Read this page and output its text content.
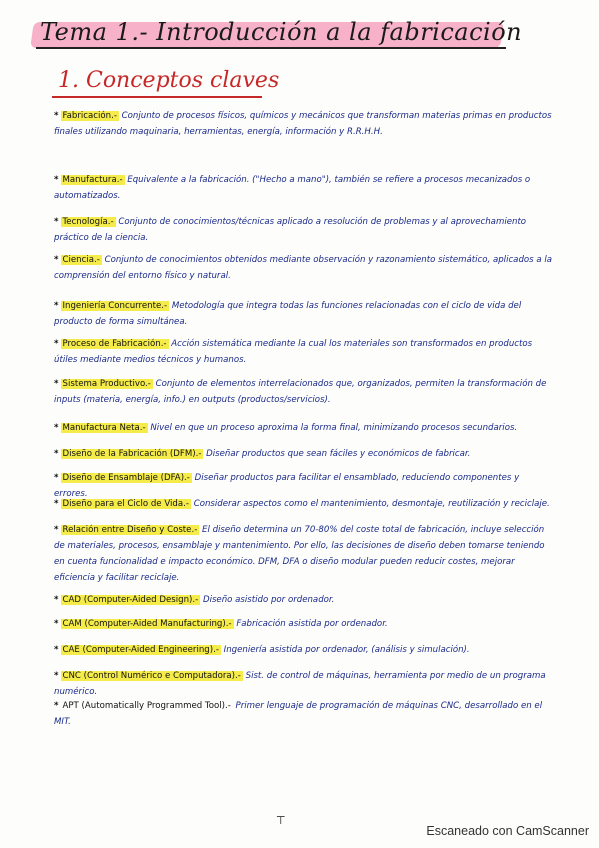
Tema 1.- Introducción a la fabricación
1. Conceptos claves
* Fabricación.- Conjunto de procesos físicos, químicos y mecánicos que transforman materias primas en productos finales utilizando maquinaria, herramientas, energía, información y R.R.H.H.
* Manufactura.- Equivalente a la fabricación. ("Hecho a mano"), también se refiere a procesos mecanizados o automatizados.
* Tecnología.- Conjunto de conocimientos/técnicas aplicado a resolución de problemas y al aprovechamiento práctico de la ciencia.
* Ciencia.- Conjunto de conocimientos obtenidos mediante observación y razonamiento sistemático, aplicados a la comprensión del entorno físico y natural.
* Ingeniería Concurrente.- Metodología que integra todas las funciones relacionadas con el ciclo de vida del producto de forma simultánea.
* Proceso de Fabricación.- Acción sistemática mediante la cual los materiales son transformados en productos útiles mediante medios técnicos y humanos.
* Sistema Productivo.- Conjunto de elementos interrelacionados que, organizados, permiten la transformación de inputs (materia, energía, info.) en outputs (productos/servicios).
* Manufactura Neta.- Nivel en que un proceso aproxima la forma final, minimizando procesos secundarios.
* Diseño de la Fabricación (DFM).- Diseñar productos que sean fáciles y económicos de fabricar.
* Diseño de Ensamblaje (DFA).- Diseñar productos para facilitar el ensamblado, reduciendo componentes y errores.
* Diseño para el Ciclo de Vida.- Considerar aspectos como el mantenimiento, desmontaje, reutilización y reciclaje.
* Relación entre Diseño y Coste.- El diseño determina un 70-80% del coste total de fabricación, incluye selección de materiales, procesos, ensamblaje y mantenimiento. Por ello, las decisiones de diseño deben tomarse teniendo en cuenta funcionalidad e impacto económico. DFM, DFA o diseño modular pueden reducir costes, mejorar eficiencia y facilitar reciclaje.
* CAD (Computer-Aided Design).- Diseño asistido por ordenador.
* CAM (Computer-Aided Manufacturing).- Fabricación asistida por ordenador.
* CAE (Computer-Aided Engineering).- Ingeniería asistida por ordenador, (análisis y simulación).
* CNC (Control Numérico e Computadora).- Sist. de control de máquinas, herramienta por medio de un programa numérico.
* APT (Automatically Programmed Tool).- Primer lenguaje de programación de máquinas CNC, desarrollado en el MIT.
⊤
Escaneado con CamScanner
